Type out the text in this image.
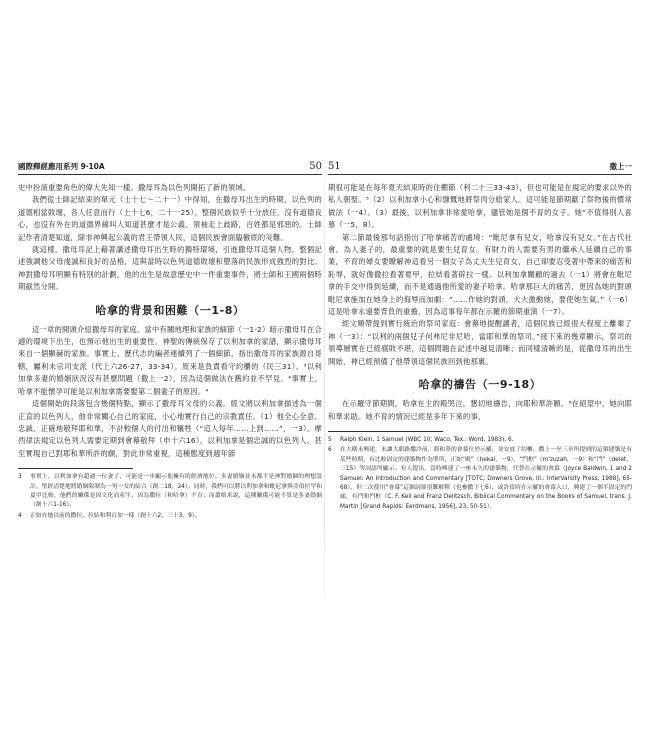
國際釋經應用系列 9‧10A	50

史中扮演重要角色的偉大先知一樣。撒母耳為以色列開拓了新的領域。

我們從士師記結束的單元（士十七～二十一）中得知，在撒母耳出生的時期，以色列的道德相當敗壞，各人任意而行（士十七6，二十一25）。整個民族似乎十分放任，沒有道德良心，也沒有外在的道德界線叫人知道甚麼才是公義。領袖走上歧路，百姓都是邪惡的。士師記作者清楚知道，除非神興起公義的君王帶領人民，這個民族會面臨徹底的災難。

就這樣，撒母耳記上藉著講述撒母耳出生時的獨特環境，引進撒母耳這個人物。整個記述強調他父母虔誠和良好的品格，這與當時以色列道德敗壞和墮落的民族形成強烈的對比。神對撒母耳明顯有特別的計劃，他的出生是故意歷史中一件重要事件，將士師和王國兩個時期截然分開。

哈拿的背景和困難（一1-8）

這一章的開頭介紹撒母耳的家庭。當中有關地理和家族的細節（一1-2）暗示撒母耳在合適的環境下出生，也預示他出生的重要性。神聖的傳統保存了以利加拿的家譜，顯示撒母耳來自一個顯赫的家族。事實上，歷代志的編者連續列了一個細節，指出撒母耳的家族源自哥轄，屬利未宗司支派（代上六26-27，33-34）。原來是負責看守約櫃的（民三31）。³以利加拿多妻的婚姻狀況沒有甚麼問題（撒上一2），因為這個做法在舊約並不罕見。⁴事實上，哈拿不能懷孕可能是以利加拿需要娶第二個妻子的原因。⁴

這個開始的段落包含幾個特點，顯示了撒母耳父母的公義。經文將以利加拿描述為一個正直的以色列人，他非常關心自己的家庭，小心地實行自己的宗教責任。（1）他全心全意、忠誠、正確地敬拜耶和華，不計較個人的付出和犧牲（“這人每年……上到……”，一3）。摩西律法規定以色列人需要定期到會幕敬拜（申十六16），以利加拿是個忠誠的以色列人，甚至實現自己對耶和華所許的願，對此非常重視，這種態度到週年節

3	事實上，以利加拿有超過一位妻子，可能是一步顯示他擁有的經濟地位。多妻婚姻並未都不是神對婚姻的理想設計，聖經清楚地將婚姻限制為一男一女的結合（創二18，24）。同時，我們可以將以利加拿和毗尼拿與亞伯拉罕和夏甲比較，他們的關係是因文化而產生，因為撒拉（和哈拿）不育；而蕭格米說，這種關係可能不算是多妻婚姻（創十六1-16）。
4	正如在她以前的撒拉、拉結和利百加一樣（創十六2，三十3，9）。
51	撒上一

期很可能是在每年夏天結束時的住棚節（利二十三33-43），但也可能是在規定的要求以外的私人朝聖。⁵（2）以利加拿小心和慷慨地將祭肉分給家人。這可能是節期獻了祭物後的慣常做法（一4）。（3）最後，以利加拿非常愛哈拿，儘管她是個不育的女子。她“不值得別人喜慕（一5，8）。

第二節最後那句話指出了哈拿痛苦的處境：“毗尼拿有兒女，哈拿沒有兒女。”在古代社會，為人妻子的，最重要的就是要生兒育女。有財力的人需要有男的繼承人延續自己的事業，不育的婦女要瞭解神這看另一個女子為丈夫生兒育女，自己卻要忍受著中帶來的痛苦和恥辱，就好像撒拉看著夏甲，拉結看著辟拉一樣。以利加拿關顧的過去（一1）將會在毗尼拿的手交中得到延續，而不是通過他所愛的妻子哈拿。哈拿那巨大的痛苦，更因為她的對頭毗尼拿施加在她身上的侮辱而加劇：“……作她的對頭，大大激動她，要使她生氣。”（一6）這是哈拿永遠要背負的重擔，因為這事每年都在示羅的節期重演（一7）。

經文順帶提到實行統治的祭司家庭：會幕地提醒讀者，這個民族已經很大程度上離棄了神（一3）：“以利的兩個兒子何弗尼非尼哈，當耶和華的祭司。”接下來的幾章顯示，祭司的領導層實在已經腐敗不堪，這個問題在記述中越見清晰；而同樣清晰的是，從撒母耳的出生開始，神已經預備了他帶領這個民族回到他那裏。

哈拿的禱告（一9-18）

在示羅守節期間，哈拿在主的殿哭泣，懇切地禱告，向耶和華許願。⁶在絕望中，她向耶和華求助。她不育的情況已經是多年下來的事，

5	Ralph Klein, 1 Samuel (WBC 10; Waco, Tex.: Word, 1983), 6.
6	在大衛未興建，未讓大耶路撒冷前，耶和華的會幕位於示羅，並安放了約櫃。撒上一至三章所提到的這個建築是有某些時期，有比較固定的建築物作為聖所，正如“殿”（hekal，一9），“門框”（m'zuzah，一9）和“門”（delet，三15）等詞語所顯示。有人提出，當時興建了一座永久的建築物，代替在示羅的會幕（Joyce Baldwin, 1 and 2 Samuel: An Introduction and Commentary [TOTC; Downers Grove, Ill.: InterVarsity Press, 1988], 65-68），但二次使用“會幕”這個詞卻很難解釋（也參撒下七6）。或許當時在示羅的會幕入口，興建了一個半固定的門廊，有門和門框（C. F. Keil and Franz Delitzsch, Biblical Commentary on the Books of Samuel, trans. J. Martin [Grand Rapids: Eerdmans, 1956], 23, 50-51）。
